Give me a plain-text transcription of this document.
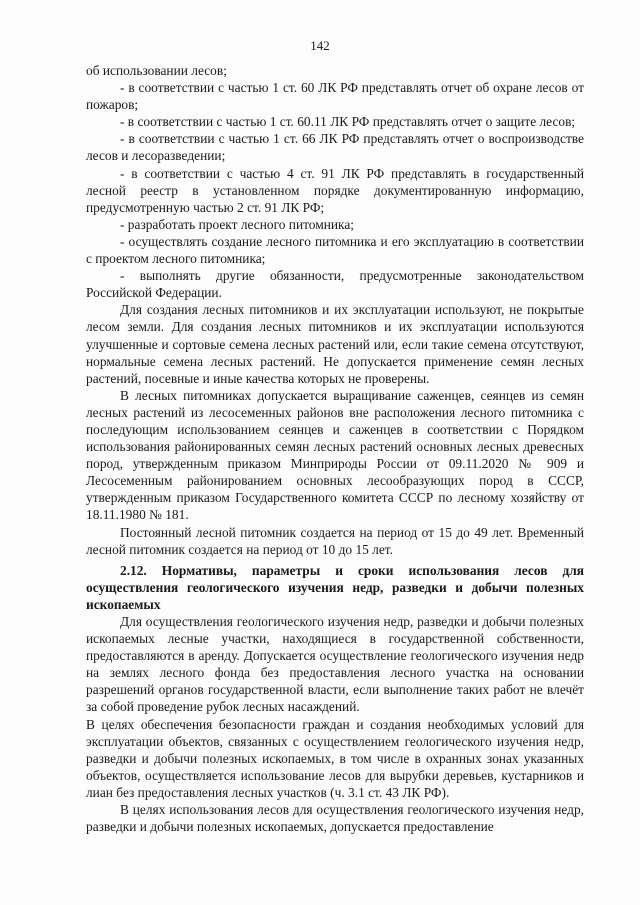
142

об использовании лесов;

- в соответствии с частью 1 ст. 60 ЛК РФ представлять отчет об охране лесов от пожаров;

- в соответствии с частью 1 ст. 60.11 ЛК РФ представлять отчет о защите лесов;

- в соответствии с частью 1 ст. 66 ЛК РФ представлять отчет о воспроизводстве лесов и лесоразведении;

- в соответствии с частью 4 ст. 91 ЛК РФ представлять в государственный лесной реестр в установленном порядке документированную информацию, предусмотренную частью 2 ст. 91 ЛК РФ;

- разработать проект лесного питомника;

- осуществлять создание лесного питомника и его эксплуатацию в соответствии с проектом лесного питомника;

- выполнять другие обязанности, предусмотренные законодательством Российской Федерации.

Для создания лесных питомников и их эксплуатации используют, не покрытые лесом земли. Для создания лесных питомников и их эксплуатации используются улучшенные и сортовые семена лесных растений или, если такие семена отсутствуют, нормальные семена лесных растений. Не допускается применение семян лесных растений, посевные и иные качества которых не проверены.

В лесных питомниках допускается выращивание саженцев, сеянцев из семян лесных растений из лесосеменных районов вне расположения лесного питомника с последующим использованием сеянцев и саженцев в соответствии с Порядком использования районированных семян лесных растений основных лесных древесных пород, утвержденным приказом Минприроды России от 09.11.2020 № 909 и Лесосеменным районированием основных лесообразующих пород в СССР, утвержденным приказом Государственного комитета СССР по лесному хозяйству от 18.11.1980 № 181.

Постоянный лесной питомник создается на период от 15 до 49 лет. Временный лесной питомник создается на период от 10 до 15 лет.

2.12. Нормативы, параметры и сроки использования лесов для осуществления геологического изучения недр, разведки и добычи полезных ископаемых

Для осуществления геологического изучения недр, разведки и добычи полезных ископаемых лесные участки, находящиеся в государственной собственности, предоставляются в аренду. Допускается осуществление геологического изучения недр на землях лесного фонда без предоставления лесного участка на основании разрешений органов государственной власти, если выполнение таких работ не влечёт за собой проведение рубок лесных насаждений.

В целях обеспечения безопасности граждан и создания необходимых условий для эксплуатации объектов, связанных с осуществлением геологического изучения недр, разведки и добычи полезных ископаемых, в том числе в охранных зонах указанных объектов, осуществляется использование лесов для вырубки деревьев, кустарников и лиан без предоставления лесных участков (ч. 3.1 ст. 43 ЛК РФ).

В целях использования лесов для осуществления геологического изучения недр, разведки и добычи полезных ископаемых, допускается предоставление
